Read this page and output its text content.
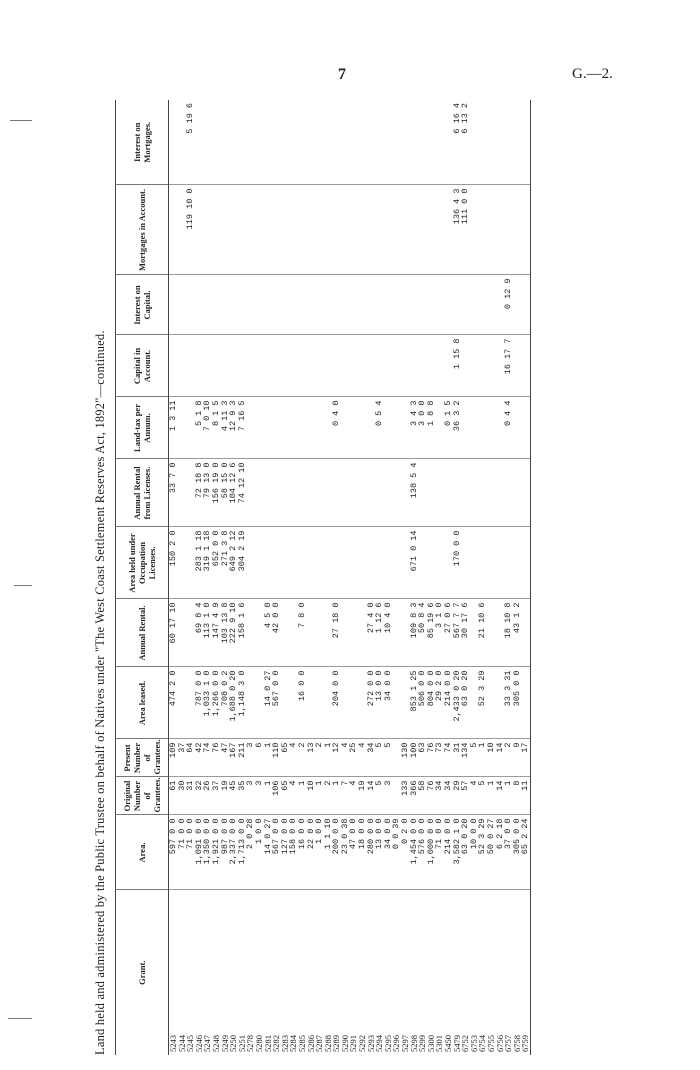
7	G.—2.
Land held and administered by the Public Trustee on behalf of Natives under "The West Coast Settlement Reserves Act, 1892"—continued.	Grant.	Area.	Original Number of Grantees.	Present Number of Grantees.	Area leased.	Annual Rental.	Area held under Occupation Licenses.	Annual Rental from Licenses.	Land-tax per Annum.	Capital in Account.	Interest on Capital.	Mortgages in Account.	Interest on Mortgages.
5243	597 0 0	61	109	474 2 0	60 17 10	150 2 0	33 7 0	1 3 11				
5244	71 0 0	30	37									
5245	71 0 0	31	64								119 10 0	5 19 6
5246	1,091 0 0	32	42	787 0 0	69 8 4	283 1 18	72 18 8	5 1 8				
5247	1,350 0 0	26	74	1,033 1 0	113 1 0	319 1 18	79 13 0	7 0 10				
5248	1,921 0 0	37	76	1,266 0 0	147 4 9	652 0 0	156 19 0	8 1 5				
5249	987 0 0	19	47	708 0 2	103 13 8	271 3 8	58 15 0	4 11 3				
5250	2,337 0 0	45	167	1,688 0 20	222 9 10	649 2 12	104 12 6	12 9 3				
5251	1,713 0 0	35	211	1,148 3 0	158 1 6	304 2 19	74 12 10	7 16 5				
5278	2 0 28	3	3									
5280	1 0 0	3	6									
5281	14 0 27	1	1	14 0 27	4 5 0							
5282	567 0 0	106	110	567 0 0	42 0 0							
5283	127 0 0	65	65									
5284	158 0 0	4	4									
5285	16 0 0	1	2	16 0 0	7 8 0							
5286	22 0 0	10	13									
5287	1 0 0	1	2									
5288	1 1 10	2	1									
5289	200 0 0	1	12	204 0 0	27 18 0			0 4 0				
5290	23 0 38	7	4									
5291	47 0 0	4	25									
5292	18 0 0	19	4									
5293	280 0 0	14	34	272 0 0	27 4 0							
5294	13 0 0	5	5	13 0 0	1 12 6			0 5 4				
5295	34 0 0	3	5	34 0 0	10 4 0							
5296	0 0 39											
5297	0 2 0	133	130									
5298	1,454 0 0	366	100	853 1 25	109 8 3	671 0 14	138 5 4	3 4 3				
5299	576 0 0	58	63	506 0 0	50 8 4			3 0 0				
5300	1,000 0 0	76	76	804 0 0	85 19 6			1 8 8				
5301	71 0 0	34	73	29 2 0	3 1 0							
5450	214 0 0	34	74	214 0 0	27 0 6			0 1 5				
5479	3,582 1 0	29	31	2,433 0 20	567 7 7	170 0 0		36 3 2	1 15 8		136 4 3	6 16 4
6752	63 0 20	57	134	63 0 20	30 17 6						111 0 0	6 13 2
6753	10 0 0	4	5									
6754	52 3 29	5	1	52 3 29	21 10 6							
6755	50 0 27	1	10									
6756	6 2 18	14	14									
6757	37 0 0	1	2	33 3 31	18 10 8			0 4 4	16 17 7	0 12 9		
6758	305 0 0	8	9	305 0 0	43 1 2							
6759	65 2 24	11	17									
